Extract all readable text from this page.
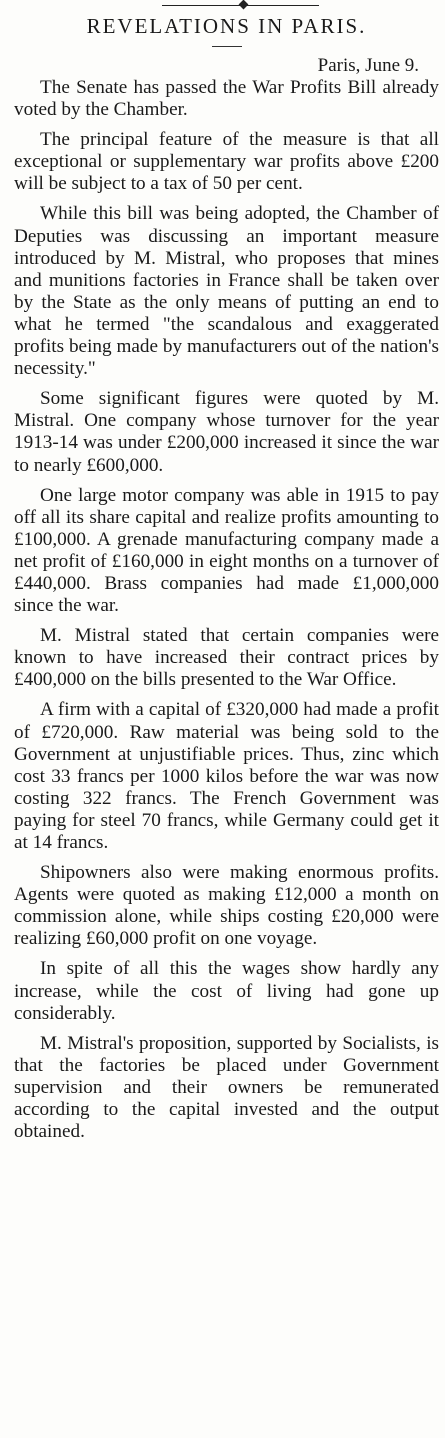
REVELATIONS IN PARIS.
Paris, June 9.

The Senate has passed the War Profits Bill already voted by the Chamber.

The principal feature of the measure is that all exceptional or supplementary war profits above £200 will be subject to a tax of 50 per cent.

While this bill was being adopted, the Chamber of Deputies was discussing an important measure introduced by M. Mistral, who proposes that mines and munitions factories in France shall be taken over by the State as the only means of putting an end to what he termed "the scandalous and exaggerated profits being made by manufacturers out of the nation's necessity."

Some significant figures were quoted by M. Mistral. One company whose turnover for the year 1913-14 was under £200,000 increased it since the war to nearly £600,000.

One large motor company was able in 1915 to pay off all its share capital and realize profits amounting to £100,000. A grenade manufacturing company made a net profit of £160,000 in eight months on a turnover of £440,000. Brass companies had made £1,000,000 since the war.

M. Mistral stated that certain companies were known to have increased their contract prices by £400,000 on the bills presented to the War Office.

A firm with a capital of £320,000 had made a profit of £720,000. Raw material was being sold to the Government at unjustifiable prices. Thus, zinc which cost 33 francs per 1000 kilos before the war was now costing 322 francs. The French Government was paying for steel 70 francs, while Germany could get it at 14 francs.

Shipowners also were making enormous profits. Agents were quoted as making £12,000 a month on commission alone, while ships costing £20,000 were realizing £60,000 profit on one voyage.

In spite of all this the wages show hardly any increase, while the cost of living had gone up considerably.

M. Mistral's proposition, supported by Socialists, is that the factories be placed under Government supervision and their owners be remunerated according to the capital invested and the output obtained.
